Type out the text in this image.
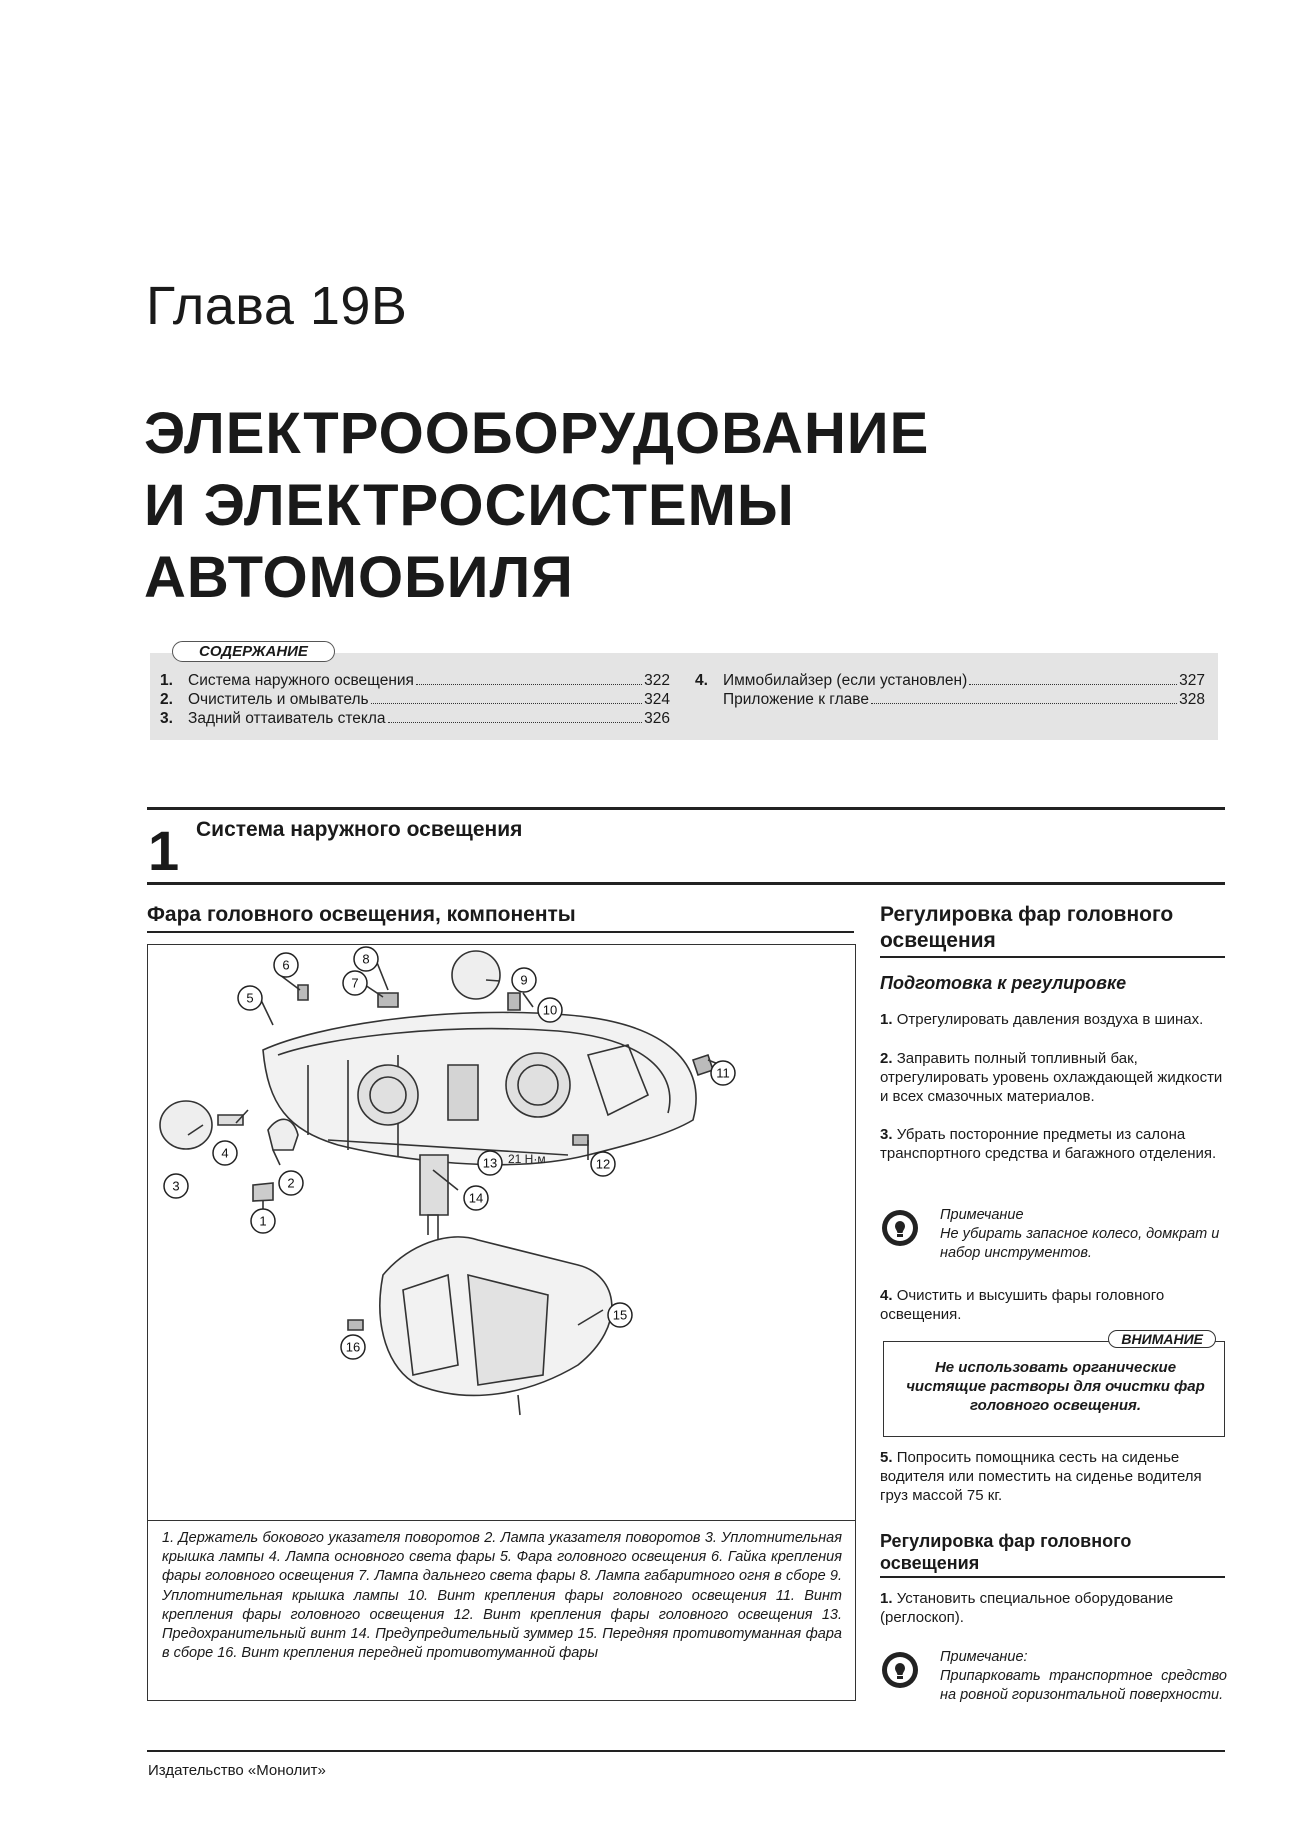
Глава 19В
ЭЛЕКТРООБОРУДОВАНИЕ
И ЭЛЕКТРОСИСТЕМЫ
АВТОМОБИЛЯ
СОДЕРЖАНИЕ
1. Система наружного освещения	322
2. Очиститель и омыватель	324
3. Задний оттаиватель стекла	326
4. Иммобилайзер (если установлен)	327
Приложение к главе	328
1 Система наружного освещения
Фара головного освещения, компоненты
21 Н·м
1
2
3
4
5
6
7
8
9
10
11
12
13
14
15
16
1. Держатель бокового указателя поворотов 2. Лампа указателя поворотов 3. Уплотнительная крышка лампы 4. Лампа основного света фары 5. Фара головного освещения 6. Гайка крепления фары головного освещения 7. Лампа дальнего света фары 8. Лампа габаритного огня в сборе 9. Уплотнительная крышка лампы 10. Винт крепления фары головного освещения 11. Винт крепления фары головного освещения 12. Винт крепления фары головного освещения 13. Предохранительный винт 14. Предупредительный зуммер 15. Передняя противотуманная фара в сборе 16. Винт крепления передней противотуманной фары
Регулировка фар головного освещения
Подготовка к регулировке
1. Отрегулировать давления воздуха в шинах.
2. Заправить полный топливный бак, отрегулировать уровень охлаждающей жидкости и всех смазочных материалов.
3. Убрать посторонние предметы из салона транспортного средства и багажного отделения.
Примечание
Не убирать запасное колесо, домкрат и набор инструментов.
4. Очистить и высушить фары головного освещения.
ВНИМАНИЕ
Не использовать органические чистящие растворы для очистки фар головного освещения.
5. Попросить помощника сесть на сиденье водителя или поместить на сиденье водителя груз массой 75 кг.
Регулировка фар головного освещения
1. Установить специальное оборудование (реглоскоп).
Примечание:
Припарковать транспортное средство на ровной горизонтальной поверхности.
Издательство «Монолит»
